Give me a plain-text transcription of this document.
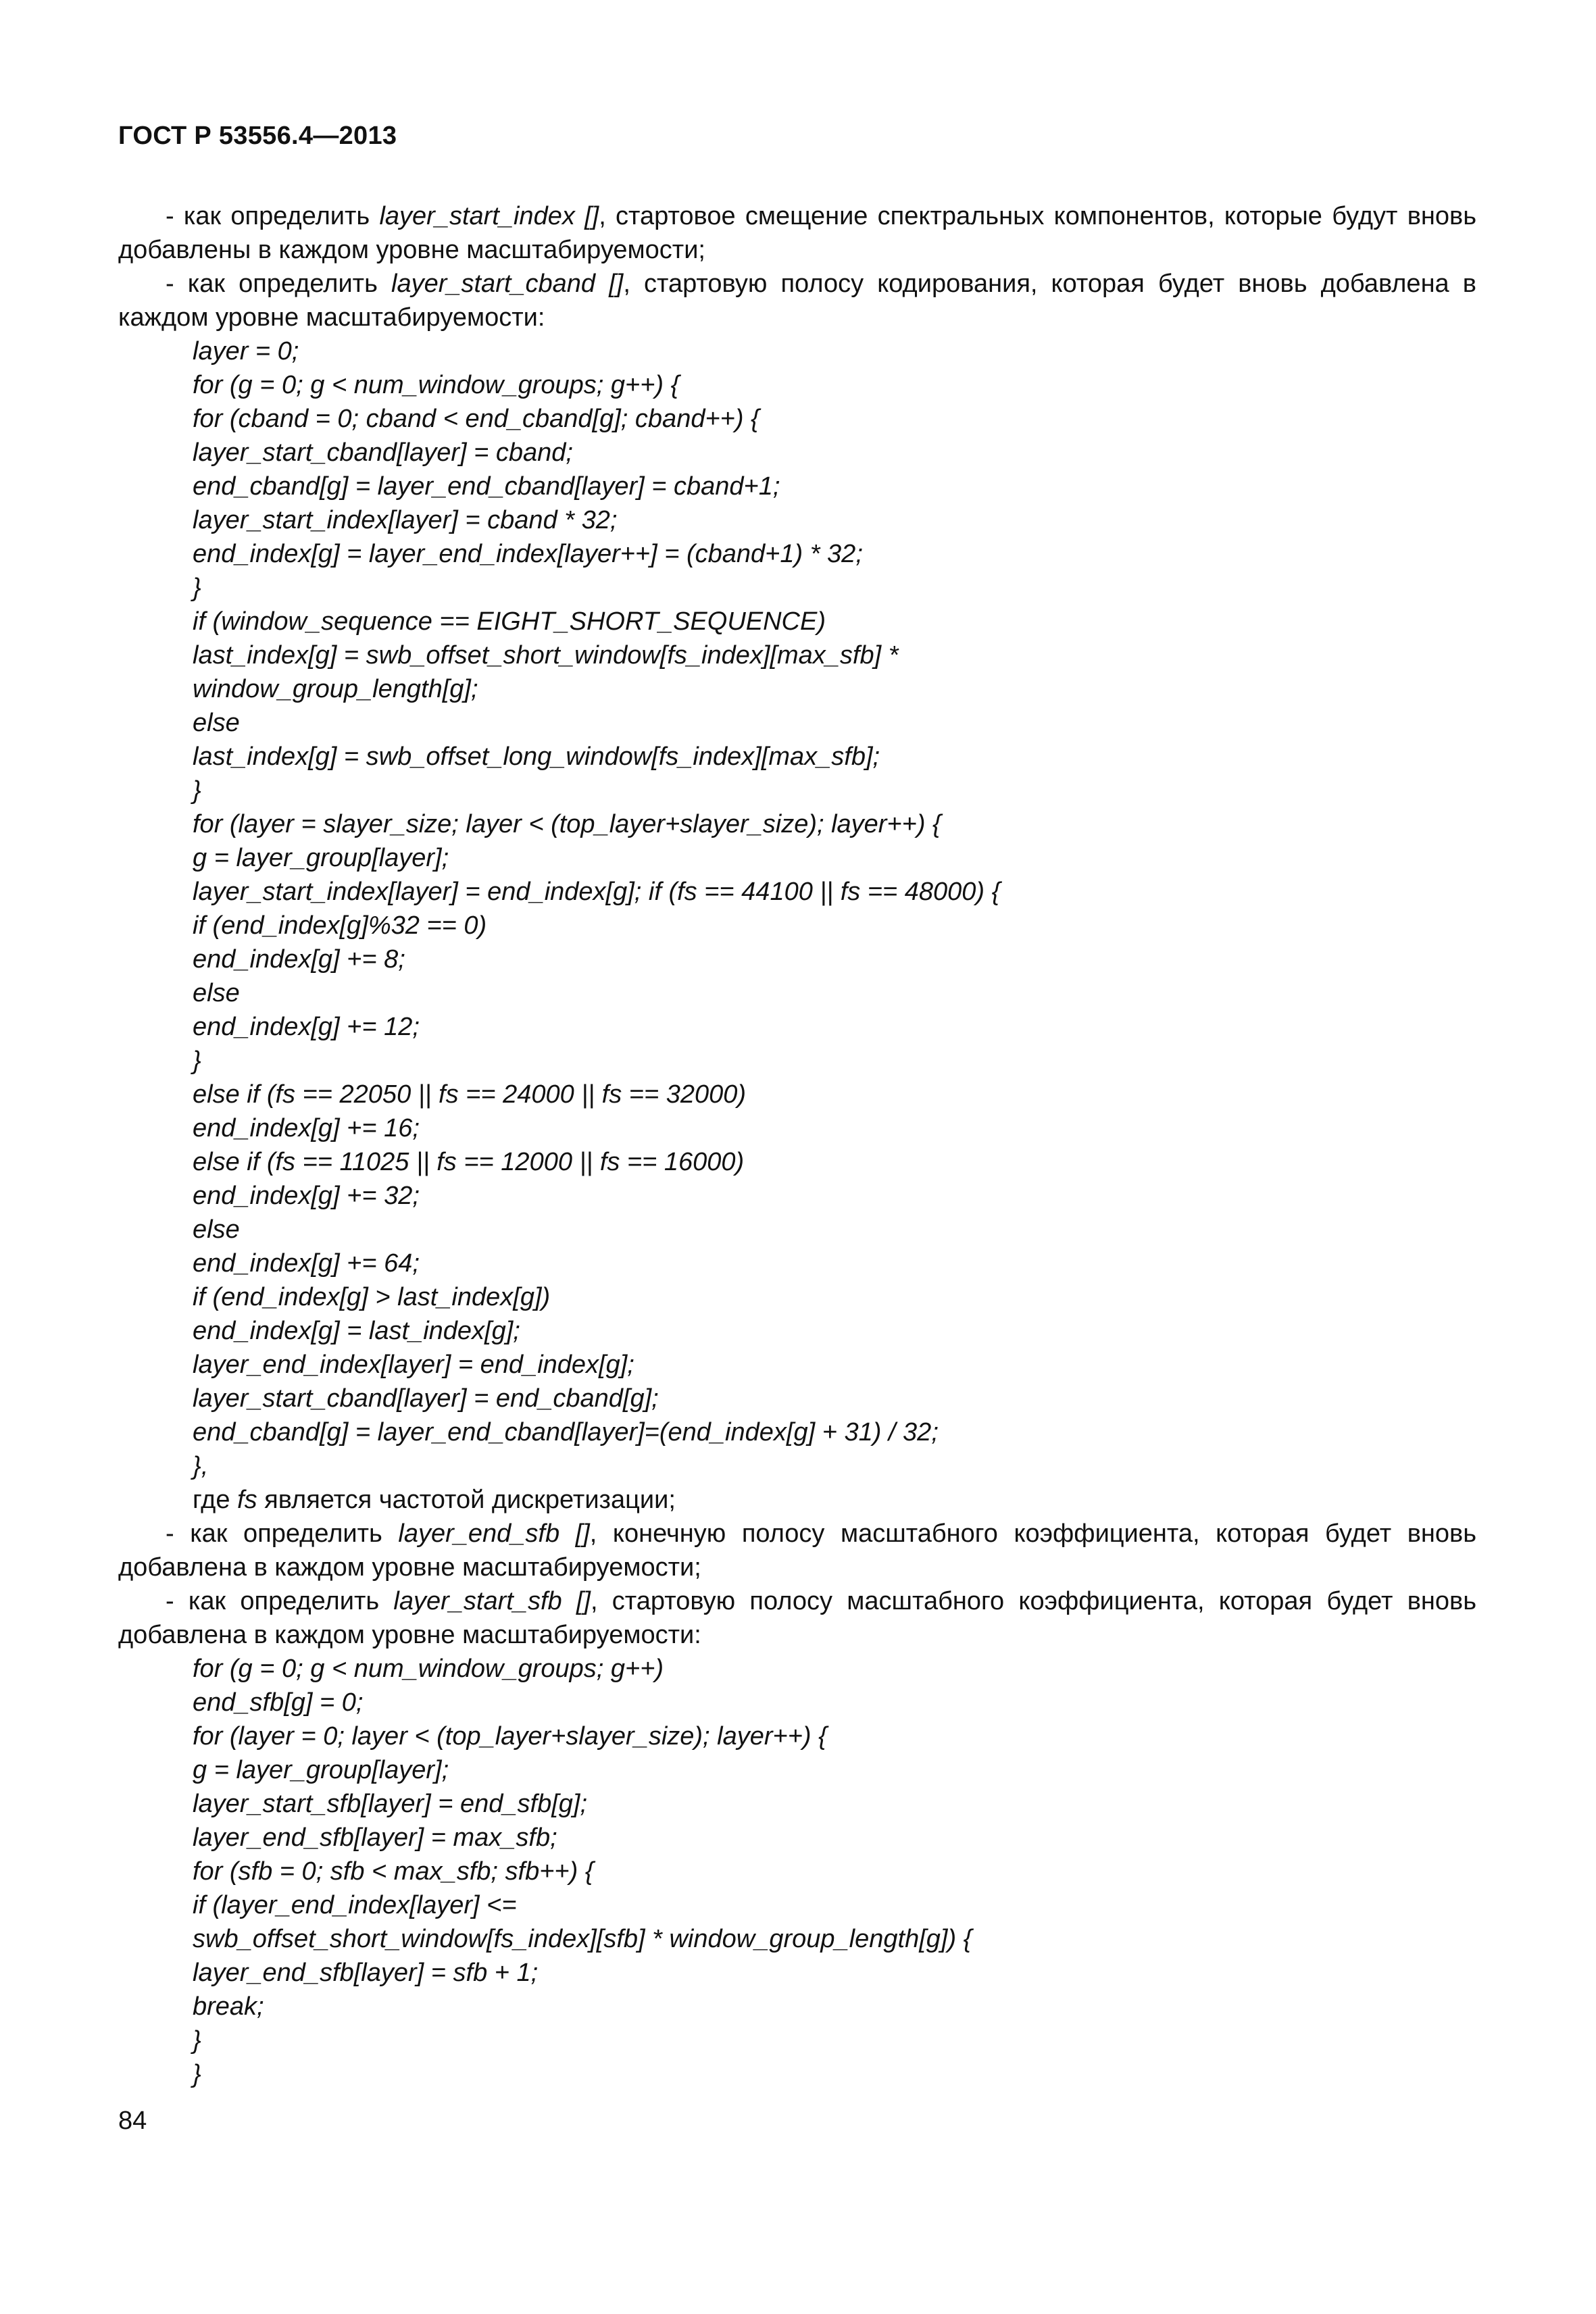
ГОСТ Р 53556.4—2013

- как определить layer_start_index [], стартовое смещение спектральных компонентов, которые будут вновь добавлены в каждом уровне масштабируемости;

- как определить layer_start_cband [], стартовую полосу кодирования, которая будет вновь добавлена в каждом уровне масштабируемости:

layer = 0;
for (g = 0; g < num_window_groups; g++) {
for (cband = 0; cband < end_cband[g]; cband++) {
layer_start_cband[layer] = cband;
end_cband[g] = layer_end_cband[layer] = cband+1;
layer_start_index[layer] = cband * 32;
end_index[g] = layer_end_index[layer++] = (cband+1) * 32;
}
if (window_sequence == EIGHT_SHORT_SEQUENCE)
last_index[g] = swb_offset_short_window[fs_index][max_sfb] *
window_group_length[g];
else
last_index[g] = swb_offset_long_window[fs_index][max_sfb];
}
for (layer = slayer_size; layer < (top_layer+slayer_size); layer++) {
g = layer_group[layer];
layer_start_index[layer] = end_index[g]; if (fs == 44100 || fs == 48000) {
if (end_index[g]%32 == 0)
end_index[g] += 8;
else
end_index[g] += 12;
}
else if (fs == 22050 || fs == 24000 || fs == 32000)
end_index[g] += 16;
else if (fs == 11025 || fs == 12000 || fs == 16000)
end_index[g] += 32;
else
end_index[g] += 64;
if (end_index[g] > last_index[g])
end_index[g] = last_index[g];
layer_end_index[layer] = end_index[g];
layer_start_cband[layer] = end_cband[g];
end_cband[g] = layer_end_cband[layer]=(end_index[g] + 31) / 32;
},
где fs является частотой дискретизации;

- как определить layer_end_sfb [], конечную полосу масштабного коэффициента, которая будет вновь добавлена в каждом уровне масштабируемости;

- как определить layer_start_sfb [], стартовую полосу масштабного коэффициента, которая будет вновь добавлена в каждом уровне масштабируемости:

for (g = 0; g < num_window_groups; g++)
end_sfb[g] = 0;
for (layer = 0; layer < (top_layer+slayer_size); layer++) {
g = layer_group[layer];
layer_start_sfb[layer] = end_sfb[g];
layer_end_sfb[layer] = max_sfb;
for (sfb = 0; sfb < max_sfb; sfb++) {
if (layer_end_index[layer] <=
swb_offset_short_window[fs_index][sfb] * window_group_length[g]) {
layer_end_sfb[layer] = sfb + 1;
break;
}
}
84
